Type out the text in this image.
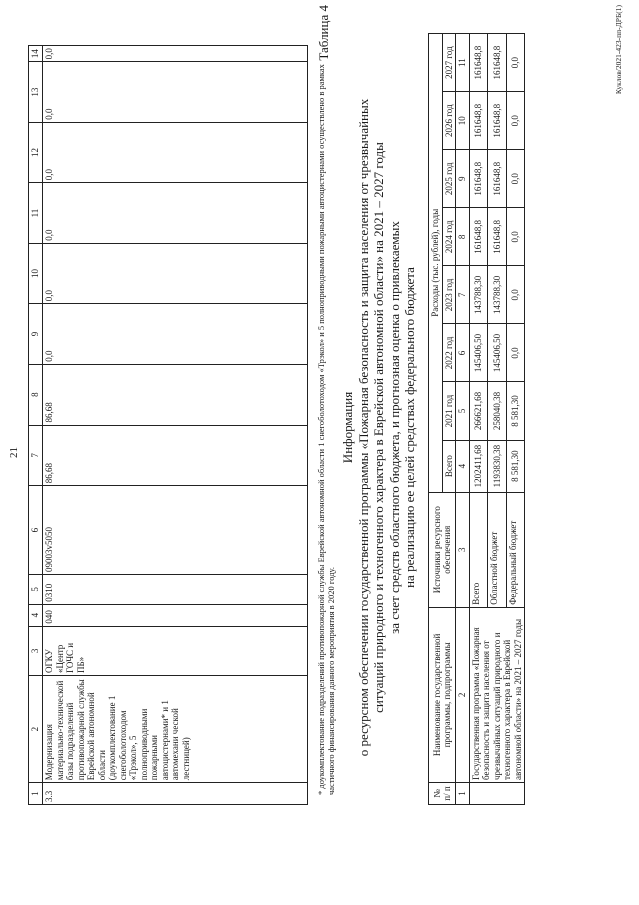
21
1	2	3	4	5	6	7	8	9	10	11	12	13	14
3.3	Модернизация материально-технической базы подразделений противопожарной службы Еврейской автономной области (доукомплектование 1 снегоболотоходом «Трэкол», 5 полноприводными пожарными автоцистернами* и 1 автомехани ческой лестницей)	ОГКУ «Центр ГОЧС и ПБ»	040	0310	09003v5050	86,68	86,68	0,0	0,0	0,0	0,0	0,0	0,0
* доукомплектование подразделений противопожарной службы Еврейской автономной области 1 снегоболотоходом «Трэкол» и 5 полноприводными пожарными автоцистернами осуществлено в рамках частичного финансирования данного мероприятия в 2020 году.
Таблица 4
Информация о ресурсном обеспечении государственной программы «Пожарная безопасность и защита населения от чрезвычайных ситуаций природного и техногенного характера в Еврейской автономной области» на 2021 – 2027 годы за счет средств областного бюджета, и прогнозная оценка о привлекаемых на реализацию ее целей средствах федерального бюджета
№ п/ п	Наименование государственной программы, подпрограммы	Источники ресурсного обеспечения	Расходы (тыс. рублей), годы							
			Всего	2021 год	2022 год	2023 год	2024 год	2025 год	2026 год	2027 год
1	2	3	4	5	6	7	8	9	10	11
	Государственная программа «Пожарная безопасность и защита населения от чрезвычайных ситуаций природного и техногенного характера в Еврейской автономной области» на 2021 – 2027 годы	Всего	1202411,68	266621,68	145406,50	143788,30	161648,8	161648,8	161648,8	161648,8
		Областной бюджет	1193830,38	258040,38	145406,50	143788,30	161648,8	161648,8	161648,8	161648,8
		Федеральный бюджет	8 581,30	8 581,30	0,0	0,0	0,0	0,0	0,0	0,0	Куклов/2021-423-пп-ДРБ(1)
